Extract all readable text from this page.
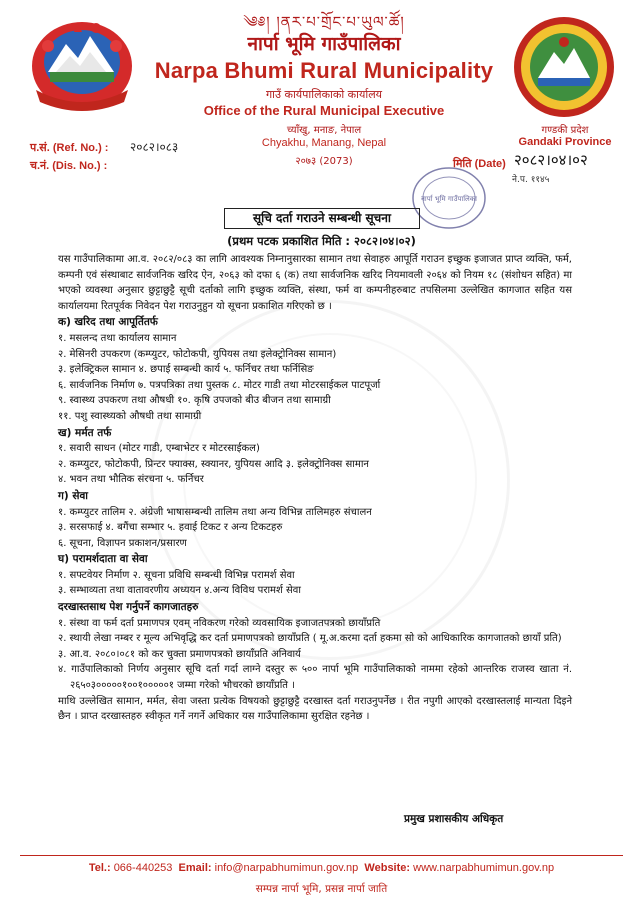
༄༅། །ནར་པ་གྲོང་པ་ཡུལ་ཚོ།
नार्पा भूमि गाउँपालिका
Narpa Bhumi Rural Municipality
गाउँ कार्यपालिकाको कार्यालय
Office of the Rural Municipal Executive
च्याँखु, मनाङ, नेपाल
Chyakhu, Manang, Nepal
२०७३ (2073)
गण्डकी प्रदेश
Gandaki Province
प.सं. (Ref. No.) : २०८२।०८३
च.नं. (Dis. No.) :
नार्पा भूमि गाउँपालिका
मिति (Date) २०८२।०४।०२
ने.प. ११४५
सूचि दर्ता गराउने सम्बन्धी सूचना
(प्रथम पटक प्रकाशित मिति : २०८२।०४।०२)

यस गाउँपालिकामा आ.व. २०८२/०८३ का लागि आवश्यक निम्नानुसारका सामान तथा सेवाहरु आपूर्ति गराउन इच्छुक इजाजत प्राप्त व्यक्ति, फर्म, कम्पनी एवं संस्थाबाट सार्वजनिक खरिद ऐन, २०६३ को दफा ६ (क) तथा सार्वजनिक खरिद नियमावली २०६४ को नियम १८ (संशोधन सहित) मा भएको व्यवस्था अनुसार छुट्टाछुट्टै सूची दर्ताको लागि इच्छुक व्यक्ति, संस्था, फर्म वा कम्पनीहरुबाट तपसिलमा उल्लेखित कागजात सहित यस कार्यालयमा रितपूर्वक निवेदन पेश गराउनुहुन यो सूचना प्रकाशित गरिएको छ ।

क) खरिद तथा आपूर्तितर्फ
१. मसलन्द तथा कार्यालय सामान
२. मेसिनरी उपकरण (कम्प्युटर, फोटोकपी, युपियस तथा इलेक्ट्रोनिक्स सामान)
३. इलेक्ट्रिकल सामान ४. छपाई सम्बन्धी कार्य ५. फर्निचर तथा फर्निसिङ
६. सार्वजनिक निर्माण ७. पत्रपत्रिका तथा पुस्तक ८. मोटर गाडी तथा मोटरसाईकल पाटपूर्जा
९. स्वास्थ्य उपकरण तथा औषधी १०. कृषि उपजको बीउ बीजन तथा सामाग्री
११. पशु स्वास्थ्यको औषधी तथा सामाग्री
ख) मर्मत तर्फ
१. सवारी साधन (मोटर गाडी, एम्बाभेटर र मोटरसाईकल)
२. कम्प्युटर, फोटोकपी, प्रिन्टर फ्याक्स, स्क्यानर, युपियस आदि ३. इलेक्ट्रोनिक्स सामान
४. भवन तथा भौतिक संरचना ५. फर्निचर
ग) सेवा
१. कम्प्युटर तालिम २. अंग्रेजी भाषासम्बन्धी तालिम तथा अन्य विभिन्न तालिमहरु संचालन
३. सरसफाई ४. बगैंचा सम्भार ५. हवाई टिकट र अन्य टिकटहरु
६. सूचना, विज्ञापन प्रकाशन/प्रसारण
घ) परामर्शदाता वा सेवा
१. सफ्टवेयर निर्माण २. सूचना प्रविधि सम्बन्धी विभिन्न परामर्श सेवा
३. सम्भाव्यता तथा वातावरणीय अध्ययन ४.अन्य विविध परामर्श सेवा
दरखास्तसाथ पेश गर्नुपर्ने कागजातहरु
१. संस्था वा फर्म दर्ता प्रमाणपत्र एवम् नविकरण गरेको व्यवसायिक इजाजतपत्रको छायाँप्रति
२. स्थायी लेखा नम्बर र मूल्य अभिवृद्धि कर दर्ता प्रमाणपत्रको छायाँप्रति ( मू.अ.करमा दर्ता हकमा सो को आधिकारिक कागजातको छायाँ प्रति)
३. आ.व. २०८०।०८१ को कर चुक्ता प्रमाणपत्रको छायाँप्रति अनिवार्य
४. गाउँपालिकाको निर्णय अनुसार सूचि दर्ता गर्दा लाग्ने दस्तुर रू ५०० नार्पा भूमि गाउँपालिकाको नाममा रहेको आन्तरिक राजस्व खाता नं. २६५०३०००००१००१०००००१ जम्मा गरेको भौचरको छायाँप्रति ।

माथि उल्लेखित सामान, मर्मत, सेवा जस्ता प्रत्येक विषयको छुट्टाछुट्टै दरखास्त दर्ता गराउनुपर्नेछ । रीत नपुगी आएको दरखास्तलाई मान्यता दिइने छैन । प्राप्त दरखास्तहरु स्वीकृत गर्ने नगर्ने अधिकार यस गाउँपालिकामा सुरक्षित रहनेछ ।

प्रमुख प्रशासकीय अधिकृत
Tel.: 066-440253 Email: info@narpabhumimun.gov.np Website: www.narpabhumimun.gov.np
सम्पन्न नार्पा भूमि, प्रसन्न नार्पा जाति
